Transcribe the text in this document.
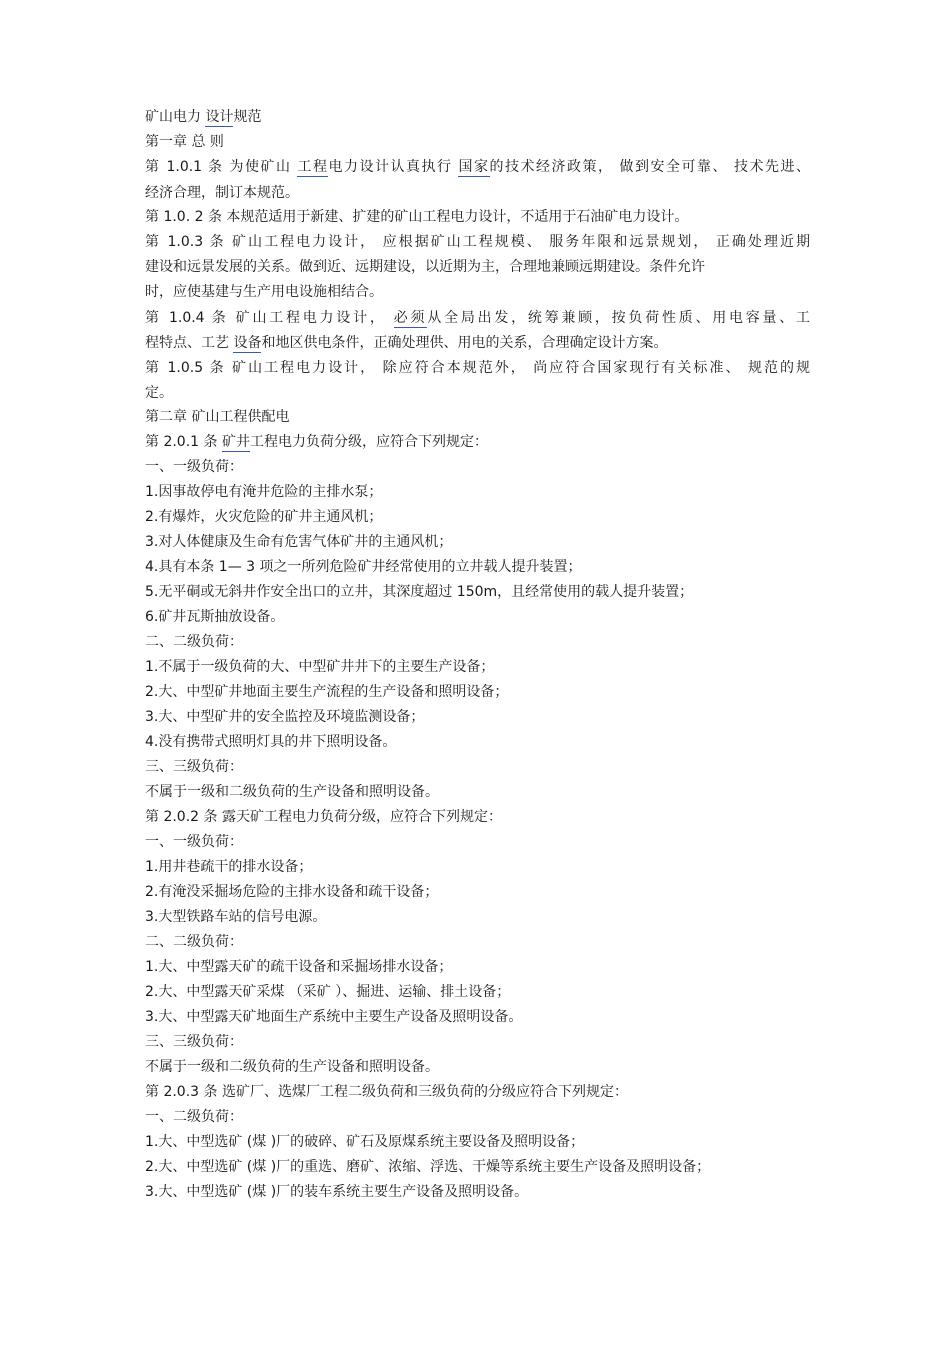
矿山电力 设计规范
第一章 总 则
第 1.0.1 条 为使矿山 工程电力设计认真执行 国家的技术经济政策， 做到安全可靠、 技术先进、
经济合理，制订本规范。
第 1.0. 2 条 本规范适用于新建、扩建的矿山工程电力设计，不适用于石油矿电力设计。
第 1.0.3 条 矿山工程电力设计， 应根据矿山工程规模、 服务年限和远景规划， 正确处理近期
建设和远景发展的关系。做到近、远期建设，以近期为主，合理地兼顾远期建设。条件允许
时，应使基建与生产用电设施相结合。
第 1.0.4 条 矿山工程电力设计， 必须从全局出发，统筹兼顾，按负荷性质、用电容量、工
程特点、工艺 设备和地区供电条件，正确处理供、用电的关系，合理确定设计方案。
第 1.0.5 条 矿山工程电力设计， 除应符合本规范外， 尚应符合国家现行有关标准、 规范的规
定。
第二章 矿山工程供配电
第 2.0.1 条 矿井工程电力负荷分级，应符合下列规定：
一、一级负荷：
1.因事故停电有淹井危险的主排水泵；
2.有爆炸，火灾危险的矿井主通风机；
3.对人体健康及生命有危害气体矿井的主通风机；
4.具有本条 1— 3 项之一所列危险矿井经常使用的立井载人提升装置；
5.无平硐或无斜井作安全出口的立井，其深度超过 150m，且经常使用的载人提升装置；
6.矿井瓦斯抽放设备。
二、二级负荷：
1.不属于一级负荷的大、中型矿井井下的主要生产设备；
2.大、中型矿井地面主要生产流程的生产设备和照明设备；
3.大、中型矿井的安全监控及环境监测设备；
4.没有携带式照明灯具的井下照明设备。
三、三级负荷：
不属于一级和二级负荷的生产设备和照明设备。
第 2.0.2 条 露天矿工程电力负荷分级，应符合下列规定：
一、一级负荷：
1.用井巷疏干的排水设备；
2.有淹没采掘场危险的主排水设备和疏干设备；
3.大型铁路车站的信号电源。
二、二级负荷：
1.大、中型露天矿的疏干设备和采掘场排水设备；
2.大、中型露天矿采煤 （采矿 ）、掘进、运输、排土设备；
3.大、中型露天矿地面生产系统中主要生产设备及照明设备。
三、三级负荷：
不属于一级和二级负荷的生产设备和照明设备。
第 2.0.3 条 选矿厂、选煤厂工程二级负荷和三级负荷的分级应符合下列规定：
一、二级负荷：
1.大、中型选矿 (煤 )厂的破碎、矿石及原煤系统主要设备及照明设备；
2.大、中型选矿 (煤 )厂的重选、磨矿、浓缩、浮选、干燥等系统主要生产设备及照明设备；
3.大、中型选矿 (煤 )厂的装车系统主要生产设备及照明设备。
